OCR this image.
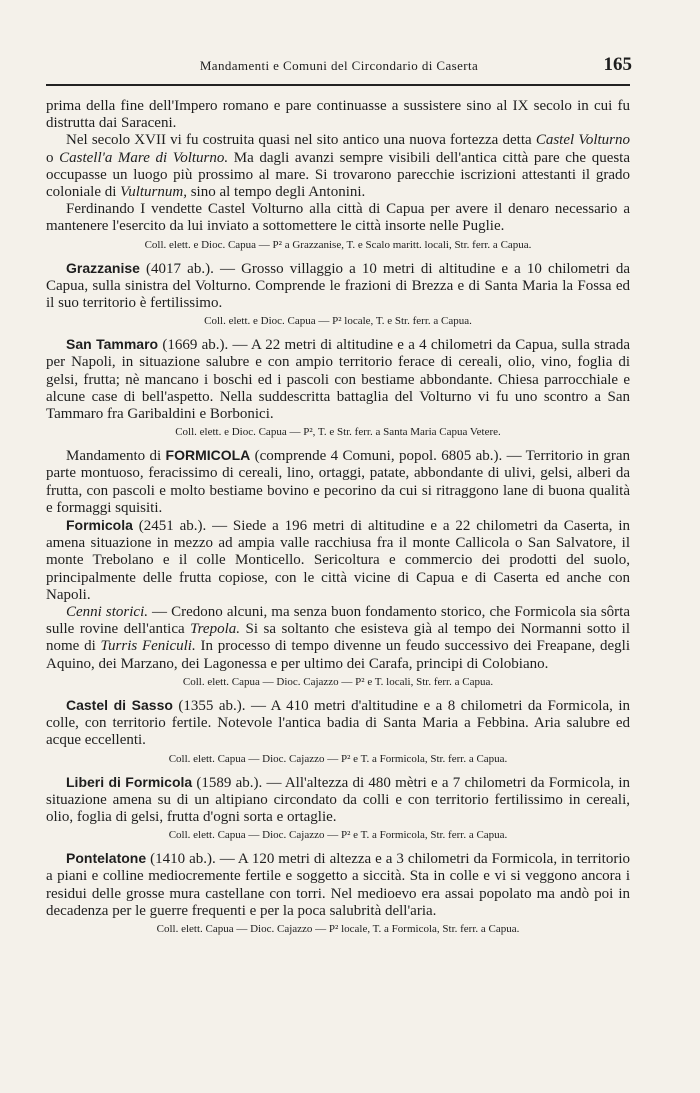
Mandamenti e Comuni del Circondario di Caserta	165

prima della fine dell'Impero romano e pare continuasse a sussistere sino al IX secolo in cui fu distrutta dai Saraceni.

Nel secolo XVII vi fu costruita quasi nel sito antico una nuova fortezza detta Castel Volturno o Castell'a Mare di Volturno. Ma dagli avanzi sempre visibili dell'antica città pare che questa occupasse un luogo più prossimo al mare. Si trovarono parecchie iscrizioni attestanti il grado coloniale di Vulturnum, sino al tempo degli Antonini.

Ferdinando I vendette Castel Volturno alla città di Capua per avere il denaro necessario a mantenere l'esercito da lui inviato a sottomettere le città insorte nelle Puglie.

Coll. elett. e Dioc. Capua — P² a Grazzanise, T. e Scalo maritt. locali, Str. ferr. a Capua.

Grazzanise (4017 ab.). — Grosso villaggio a 10 metri di altitudine e a 10 chilometri da Capua, sulla sinistra del Volturno. Comprende le frazioni di Brezza e di Santa Maria la Fossa ed il suo territorio è fertilissimo.

Coll. elett. e Dioc. Capua — P² locale, T. e Str. ferr. a Capua.

San Tammaro (1669 ab.). — A 22 metri di altitudine e a 4 chilometri da Capua, sulla strada per Napoli, in situazione salubre e con ampio territorio ferace di cereali, olio, vino, foglia di gelsi, frutta; nè mancano i boschi ed i pascoli con bestiame abbondante. Chiesa parrocchiale e alcune case di bell'aspetto. Nella suddescritta battaglia del Volturno vi fu uno scontro a San Tammaro fra Garibaldini e Borbonici.

Coll. elett. e Dioc. Capua — P², T. e Str. ferr. a Santa Maria Capua Vetere.

Mandamento di FORMICOLA (comprende 4 Comuni, popol. 6805 ab.). — Territorio in gran parte montuoso, feracissimo di cereali, lino, ortaggi, patate, abbondante di ulivi, gelsi, alberi da frutta, con pascoli e molto bestiame bovino e pecorino da cui si ritraggono lane di buona qualità e formaggi squisiti.

Formicola (2451 ab.). — Siede a 196 metri di altitudine e a 22 chilometri da Caserta, in amena situazione in mezzo ad ampia valle racchiusa fra il monte Callicola o San Salvatore, il monte Trebolano e il colle Monticello. Sericoltura e commercio dei prodotti del suolo, principalmente delle frutta copiose, con le città vicine di Capua e di Caserta ed anche con Napoli.

Cenni storici. — Credono alcuni, ma senza buon fondamento storico, che Formicola sia sôrta sulle rovine dell'antica Trepola. Si sa soltanto che esisteva già al tempo dei Normanni sotto il nome di Turris Feniculi. In processo di tempo divenne un feudo successivo dei Freapane, degli Aquino, dei Marzano, dei Lagonessa e per ultimo dei Carafa, principi di Colobiano.

Coll. elett. Capua — Dioc. Cajazzo — P² e T. locali, Str. ferr. a Capua.

Castel di Sasso (1355 ab.). — A 410 metri d'altitudine e a 8 chilometri da Formicola, in colle, con territorio fertile. Notevole l'antica badia di Santa Maria a Febbina. Aria salubre ed acque eccellenti.

Coll. elett. Capua — Dioc. Cajazzo — P² e T. a Formicola, Str. ferr. a Capua.

Liberi di Formicola (1589 ab.). — All'altezza di 480 mètri e a 7 chilometri da Formicola, in situazione amena su di un altipiano circondato da colli e con territorio fertilissimo in cereali, olio, foglia di gelsi, frutta d'ogni sorta e ortaglie.

Coll. elett. Capua — Dioc. Cajazzo — P² e T. a Formicola, Str. ferr. a Capua.

Pontelatone (1410 ab.). — A 120 metri di altezza e a 3 chilometri da Formicola, in territorio a piani e colline mediocremente fertile e soggetto a siccità. Sta in colle e vi si veggono ancora i residui delle grosse mura castellane con torri. Nel medioevo era assai popolato ma andò poi in decadenza per le guerre frequenti e per la poca salubrità dell'aria.

Coll. elett. Capua — Dioc. Cajazzo — P² locale, T. a Formicola, Str. ferr. a Capua.
